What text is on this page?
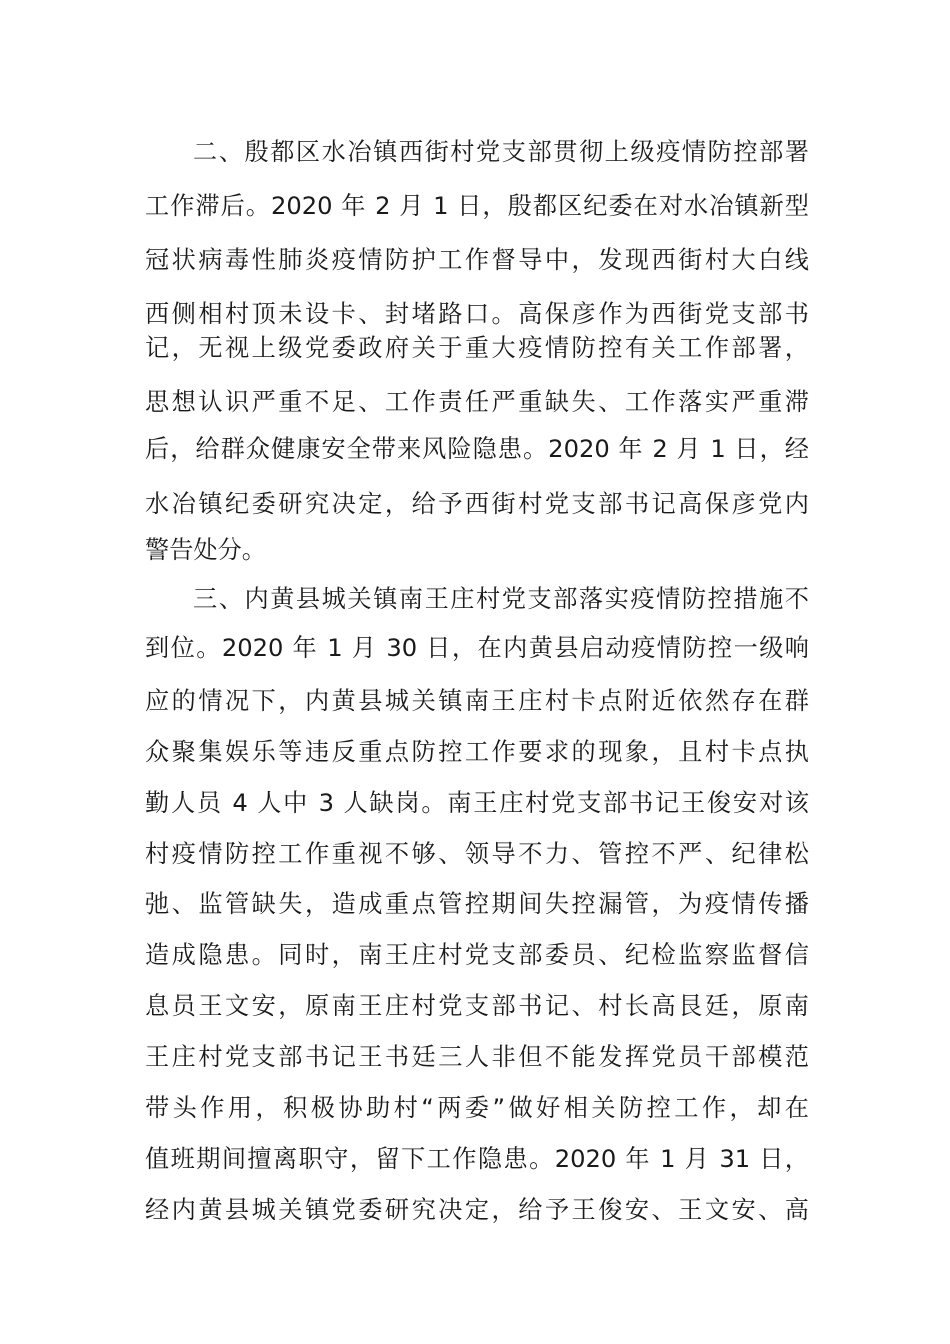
二、殷都区水冶镇西街村党支部贯彻上级疫情防控部署
工作滞后。2020 年 2 月 1 日，殷都区纪委在对水冶镇新型
冠状病毒性肺炎疫情防护工作督导中，发现西街村大白线
西侧相村顶未设卡、封堵路口。高保彦作为西街党支部书
记，无视上级党委政府关于重大疫情防控有关工作部署，
思想认识严重不足、工作责任严重缺失、工作落实严重滞
后，给群众健康安全带来风险隐患。2020 年 2 月 1 日，经
水冶镇纪委研究决定，给予西街村党支部书记高保彦党内
警告处分。
三、内黄县城关镇南王庄村党支部落实疫情防控措施不
到位。2020 年 1 月 30 日，在内黄县启动疫情防控一级响
应的情况下，内黄县城关镇南王庄村卡点附近依然存在群
众聚集娱乐等违反重点防控工作要求的现象，且村卡点执
勤人员 4 人中 3 人缺岗。南王庄村党支部书记王俊安对该
村疫情防控工作重视不够、领导不力、管控不严、纪律松
弛、监管缺失，造成重点管控期间失控漏管，为疫情传播
造成隐患。同时，南王庄村党支部委员、纪检监察监督信
息员王文安，原南王庄村党支部书记、村长高艮廷，原南
王庄村党支部书记王书廷三人非但不能发挥党员干部模范
带头作用，积极协助村“两委”做好相关防控工作，却在
值班期间擅离职守，留下工作隐患。2020 年 1 月 31 日，
经内黄县城关镇党委研究决定，给予王俊安、王文安、高
